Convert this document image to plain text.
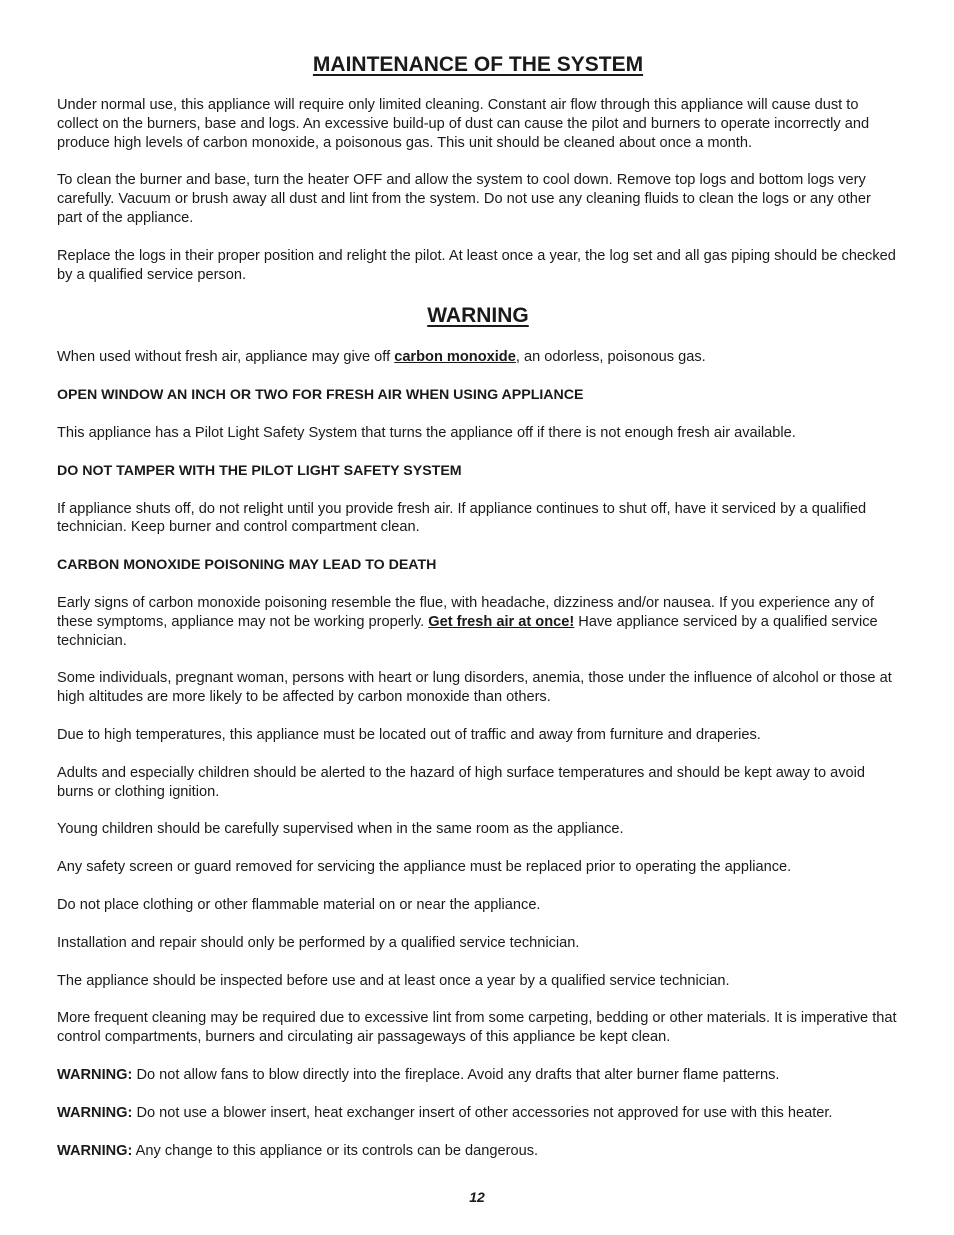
MAINTENANCE OF THE SYSTEM

Under normal use, this appliance will require only limited cleaning. Constant air flow through this appliance will cause dust to collect on the burners, base and logs. An excessive build-up of dust can cause the pilot and burners to operate incorrectly and produce high levels of carbon monoxide, a poisonous gas. This unit should be cleaned about once a month.

To clean the burner and base, turn the heater OFF and allow the system to cool down. Remove top logs and bottom logs very carefully. Vacuum or brush away all dust and lint from the system. Do not use any cleaning fluids to clean the logs or any other part of the appliance.

Replace the logs in their proper position and relight the pilot. At least once a year, the log set and all gas piping should be checked by a qualified service person.

WARNING

When used without fresh air, appliance may give off carbon monoxide, an odorless, poisonous gas.

OPEN WINDOW AN INCH OR TWO FOR FRESH AIR WHEN USING APPLIANCE

This appliance has a Pilot Light Safety System that turns the appliance off if there is not enough fresh air available.

DO NOT TAMPER WITH THE PILOT LIGHT SAFETY SYSTEM

If appliance shuts off, do not relight until you provide fresh air. If appliance continues to shut off, have it serviced by a qualified technician. Keep burner and control compartment clean.

CARBON MONOXIDE POISONING MAY LEAD TO DEATH

Early signs of carbon monoxide poisoning resemble the flue, with headache, dizziness and/or nausea. If you experience any of these symptoms, appliance may not be working properly. Get fresh air at once! Have appliance serviced by a qualified service technician.

Some individuals, pregnant woman, persons with heart or lung disorders, anemia, those under the influence of alcohol or those at high altitudes are more likely to be affected by carbon monoxide than others.

Due to high temperatures, this appliance must be located out of traffic and away from furniture and draperies.

Adults and especially children should be alerted to the hazard of high surface temperatures and should be kept away to avoid burns or clothing ignition.

Young children should be carefully supervised when in the same room as the appliance.

Any safety screen or guard removed for servicing the appliance must be replaced prior to operating the appliance.

Do not place clothing or other flammable material on or near the appliance.

Installation and repair should only be performed by a qualified service technician.

The appliance should be inspected before use and at least once a year by a qualified service technician.

More frequent cleaning may be required due to excessive lint from some carpeting, bedding or other materials. It is imperative that control compartments, burners and circulating air passageways of this appliance be kept clean.

WARNING: Do not allow fans to blow directly into the fireplace. Avoid any drafts that alter burner flame patterns.

WARNING: Do not use a blower insert, heat exchanger insert of other accessories not approved for use with this heater.

WARNING: Any change to this appliance or its controls can be dangerous.

12
